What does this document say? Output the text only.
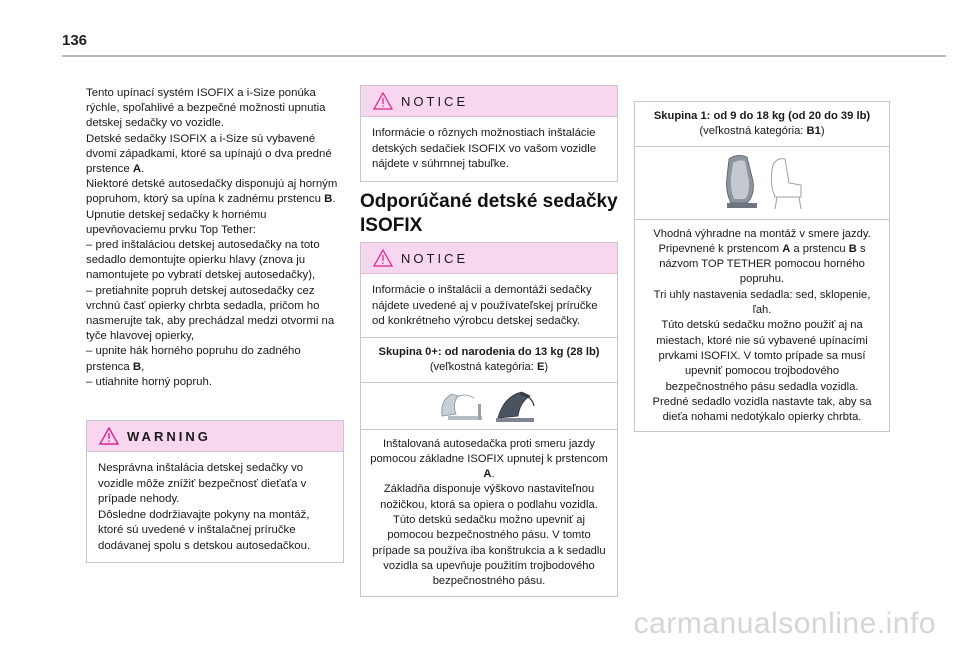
136

Tento upínací systém ISOFIX a i-Size ponúka rýchle, spoľahlivé a bezpečné možnosti upnutia detskej sedačky vo vozidle.

Detské sedačky ISOFIX a i-Size sú vybavené dvomi západkami, ktoré sa upínajú o dva predné prstence A.

Niektoré detské autosedačky disponujú aj horným popruhom, ktorý sa upína k zadnému prstencu B.

Upnutie detskej sedačky k hornému upevňovaciemu prvku Top Tether:

– pred inštaláciou detskej autosedačky na toto sedadlo demontujte opierku hlavy (znova ju namontujete po vybratí detskej autosedačky),

– pretiahnite popruh detskej autosedačky cez vrchnú časť opierky chrbta sedadla, pričom ho nasmerujte tak, aby prechádzal medzi otvormi na tyče hlavovej opierky,

– upnite hák horného popruhu do zadného prstenca B,

– utiahnite horný popruh.

WARNING
Nesprávna inštalácia detskej sedačky vo vozidle môže znížiť bezpečnosť dieťaťa v prípade nehody.
Dôsledne dodržiavajte pokyny na montáž, ktoré sú uvedené v inštalačnej príručke dodávanej spolu s detskou autosedačkou.
NOTICE
Informácie o rôznych možnostiach inštalácie detských sedačiek ISOFIX vo vašom vozidle nájdete v súhrnnej tabuľke.
Odporúčané detské sedačky ISOFIX
NOTICE
Informácie o inštalácii a demontáži sedačky nájdete uvedené aj v používateľskej príručke od konkrétneho výrobcu detskej sedačky.
Skupina 0+: od narodenia do 13 kg (28 lb)
(veľkostná kategória: E)
Inštalovaná autosedačka proti smeru jazdy pomocou základne ISOFIX upnutej k prstencom A.
Základňa disponuje výškovo nastaviteľnou nožičkou, ktorá sa opiera o podlahu vozidla.
Túto detskú sedačku možno upevniť aj pomocou bezpečnostného pásu. V tomto prípade sa používa iba konštrukcia a k sedadlu vozidla sa upevňuje použitím trojbodového bezpečnostného pásu.
Skupina 1: od 9 do 18 kg (od 20 do 39 lb)
(veľkostná kategória: B1)
Vhodná výhradne na montáž v smere jazdy.
Pripevnené k prstencom A a prstencu B s názvom TOP TETHER pomocou horného popruhu.
Tri uhly nastavenia sedadla: sed, sklopenie, ľah.
Túto detskú sedačku možno použiť aj na miestach, ktoré nie sú vybavené upínacími prvkami ISOFIX. V tomto prípade sa musí upevniť pomocou trojbodového bezpečnostného pásu sedadla vozidla.
Predné sedadlo vozidla nastavte tak, aby sa dieťa nohami nedotýkalo opierky chrbta.
carmanualsonline.info
